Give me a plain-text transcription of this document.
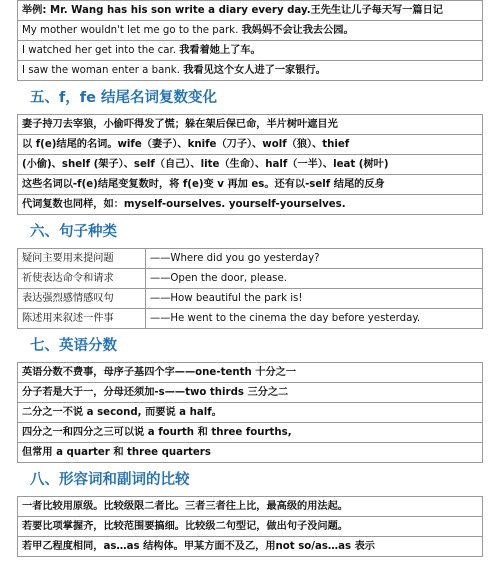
举例: Mr. Wang has his son write a diary every day.王先生让儿子每天写一篇日记
My mother wouldn't let me go to the park. 我妈妈不会让我去公园。
I watched her get into the car. 我看着她上了车。
I saw the woman enter a bank. 我看见这个女人进了一家银行。
五、f，fe 结尾名词复数变化
妻子持刀去宰狼，小偷吓得发了慌；躲在架后保已命，半片树叶遮目光
以 f(e)结尾的名词。wife（妻子）、knife（刀子）、wolf（狼）、thief
(小偷)、shelf (架子）、self（自己）、lite（生命）、half（一半）、leat (树叶)
这些名词以-f(e)结尾变复数时，将 f(e)变 v 再加 es。还有以-self 结尾的反身
代词复数也同样，如：myself-ourselves. yourself-yourselves.
六、句子种类
疑问主要用来提问题	——Where did you go yesterday?
祈使表达命令和请求	——Open the door, please.
表达强烈感情感叹句	——How beautiful the park is!
陈述用来叙述一件事	——He went to the cinema the day before yesterday.
七、英语分数
英语分数不费事，母序子基四个字——one-tenth 十分之一
分子若是大于一，分母还须加-s——two thirds 三分之二
二分之一不说 a second, 而要说 a half。
四分之一和四分之三可以说 a fourth 和 three fourths,
但常用 a quarter 和 three quarters
八、形容词和副词的比较
一者比较用原级。比较级限二者比。三者三者往上比，最高级的用法起。
若要比项掌握齐，比较范围要搞细。比较级二句型记，做出句子没问题。
若甲乙程度相同，as…as 结构体。甲某方面不及乙，用not so/as…as 表示
